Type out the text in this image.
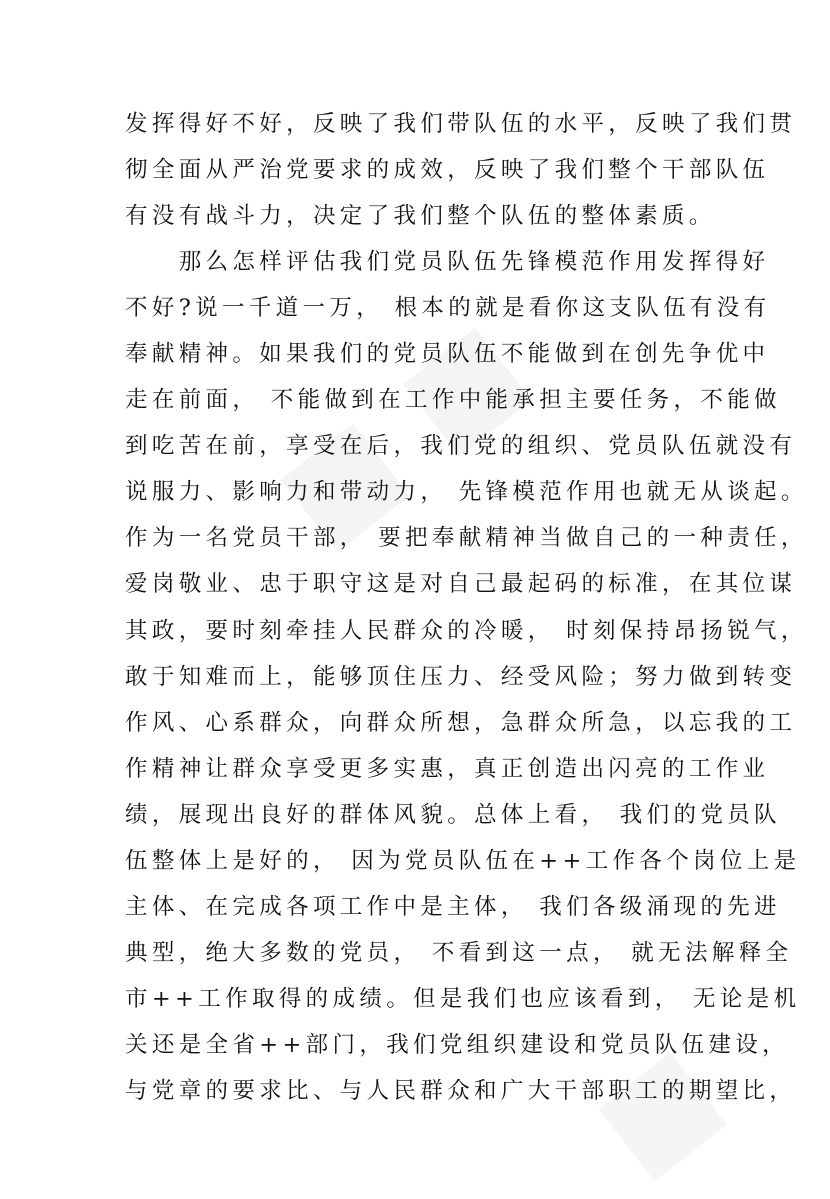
发挥得好不好，反映了我们带队伍的水平，反映了我们贯
彻全面从严治党要求的成效，反映了我们整个干部队伍
有没有战斗力，决定了我们整个队伍的整体素质。
　　那么怎样评估我们党员队伍先锋模范作用发挥得好
不好?说一千道一万， 根本的就是看你这支队伍有没有
奉献精神。如果我们的党员队伍不能做到在创先争优中
走在前面， 不能做到在工作中能承担主要任务，不能做
到吃苦在前，享受在后，我们党的组织、党员队伍就没有
说服力、影响力和带动力， 先锋模范作用也就无从谈起。
作为一名党员干部， 要把奉献精神当做自己的一种责任，
爱岗敬业、忠于职守这是对自己最起码的标准，在其位谋
其政，要时刻牵挂人民群众的冷暖， 时刻保持昂扬锐气，
敢于知难而上，能够顶住压力、经受风险；努力做到转变
作风、心系群众，向群众所想，急群众所急，以忘我的工
作精神让群众享受更多实惠，真正创造出闪亮的工作业
绩，展现出良好的群体风貌。总体上看， 我们的党员队
伍整体上是好的， 因为党员队伍在++工作各个岗位上是
主体、在完成各项工作中是主体， 我们各级涌现的先进
典型，绝大多数的党员， 不看到这一点， 就无法解释全
市++工作取得的成绩。但是我们也应该看到， 无论是机
关还是全省++部门，我们党组织建设和党员队伍建设，
与党章的要求比、与人民群众和广大干部职工的期望比，
